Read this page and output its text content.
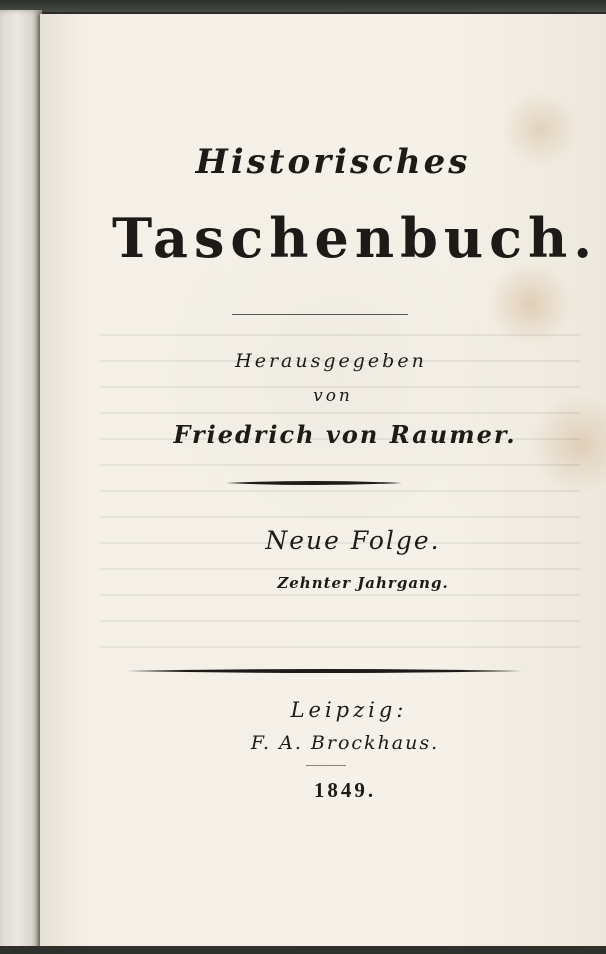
Historisches
Taschenbuch.
Herausgegeben
von
Friedrich von Raumer.
Neue Folge.
Zehnter Jahrgang.
Leipzig:
F. A. Brockhaus.
1849.
